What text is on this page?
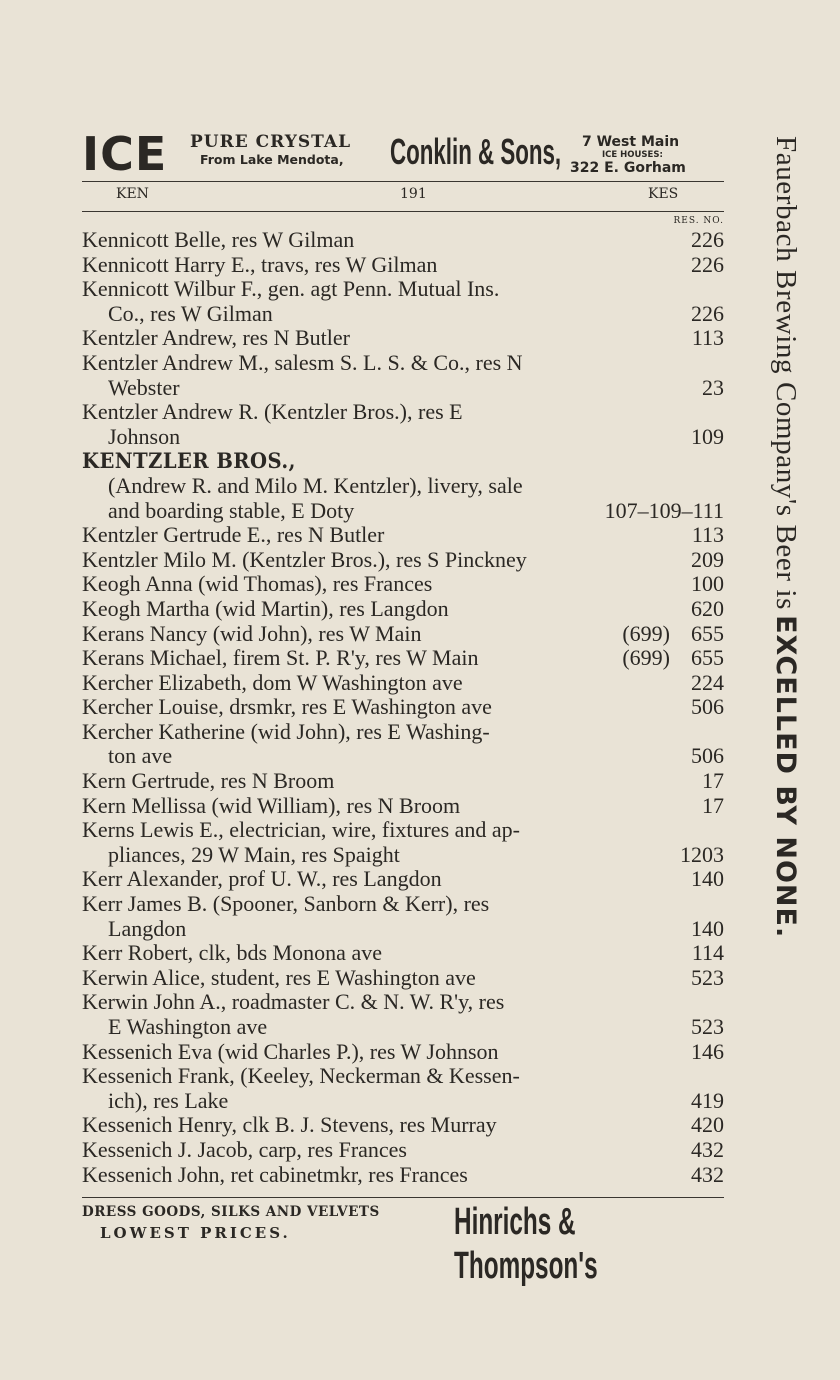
ICE PURE CRYSTAL
From Lake Mendota, Conklin & Sons, 7 West Main
ICE HOUSES:
322 E. Gorham
KEN	191	KES
RES. NO.
Kennicott Belle, res W Gilman	226
Kennicott Harry E., travs, res W Gilman	226
Kennicott Wilbur F., gen. agt Penn. Mutual Ins.
Co., res W Gilman	226
Kentzler Andrew, res N Butler	113
Kentzler Andrew M., salesm S. L. S. & Co., res N
Webster	23
Kentzler Andrew R. (Kentzler Bros.), res E
Johnson	109
KENTZLER BROS.,
(Andrew R. and Milo M. Kentzler), livery, sale
and boarding stable, E Doty	107–109–111
Kentzler Gertrude E., res N Butler	113
Kentzler Milo M. (Kentzler Bros.), res S Pinckney	209
Keogh Anna (wid Thomas), res Frances	100
Keogh Martha (wid Martin), res Langdon	620
Kerans Nancy (wid John), res W Main	(699) 655
Kerans Michael, firem St. P. R'y, res W Main	(699) 655
Kercher Elizabeth, dom W Washington ave	224
Kercher Louise, drsmkr, res E Washington ave	506
Kercher Katherine (wid John), res E Washing-
ton ave	506
Kern Gertrude, res N Broom	17
Kern Mellissa (wid William), res N Broom	17
Kerns Lewis E., electrician, wire, fixtures and ap-
pliances, 29 W Main, res Spaight	1203
Kerr Alexander, prof U. W., res Langdon	140
Kerr James B. (Spooner, Sanborn & Kerr), res
Langdon	140
Kerr Robert, clk, bds Monona ave	114
Kerwin Alice, student, res E Washington ave	523
Kerwin John A., roadmaster C. & N. W. R'y, res
E Washington ave	523
Kessenich Eva (wid Charles P.), res W Johnson	146
Kessenich Frank, (Keeley, Neckerman & Kessen-
ich), res Lake	419
Kessenich Henry, clk B. J. Stevens, res Murray	420
Kessenich J. Jacob, carp, res Frances	432
Kessenich John, ret cabinetmkr, res Frances	432
DRESS GOODS, SILKS AND VELVETS
LOWEST PRICES.	Hinrichs & Thompson's
Fauerbach Brewing Company's Beer is EXCELLED BY NONE.
